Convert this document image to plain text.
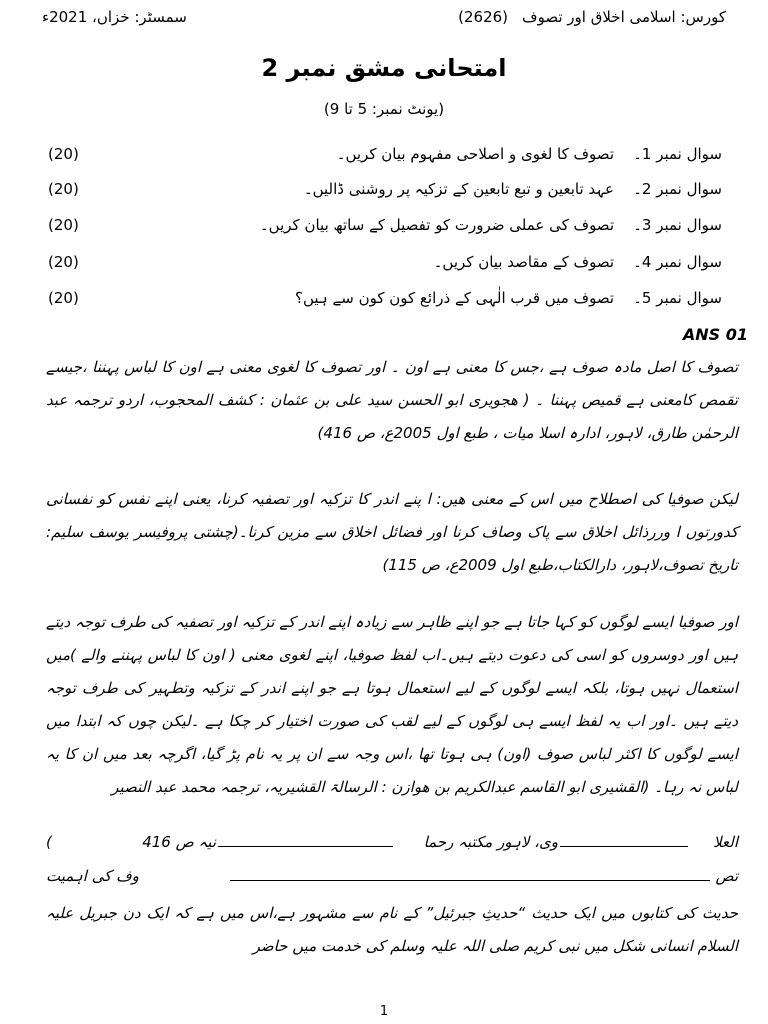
کورس: اسلامی اخلاق اور تصوف(2626)
سمسٹر: خزاں، 2021ء
امتحانی مشق نمبر 2
(یونٹ نمبر: 5 تا 9)
سوال نمبر 1۔
تصوف کا لغوی و اصلاحی مفہوم بیان کریں۔
(20)
سوال نمبر 2۔
عہد تابعین و تبع تابعین کے تزکیہ پر روشنی ڈالیں۔
(20)
سوال نمبر 3۔
تصوف کی عملی ضرورت کو تفصیل کے ساتھ بیان کریں۔
(20)
سوال نمبر 4۔
تصوف کے مقاصد بیان کریں۔
(20)
سوال نمبر 5۔
تصوف میں قرب الٰہی کے ذرائع کون کون سے ہیں؟
(20)
ANS 01
تصوف کا اصل مادہ صوف ہے ،جس کا معنی ہے اون ۔ اور تصوف کا لغوی معنی ہے اون کا لباس پہننا ،جیسے تقمص کامعنی ہے قمیص پہننا ۔ ( ھجویری ابو الحسن سید علی بن عثمان : کشف المحجوب، اردو ترجمہ عبد الرحمٰن طارق، لاہور، ادارہ اسلا میات ، طبع اول 2005ع، ص 416)
لیکن صوفیا کی اصطلاح میں اس کے معنی ھیں: ا پنے اندر کا تزکیہ اور تصفیہ کرنا، یعنی اپنے نفس کو نفسانی کدورتوں ا وررذائل اخلاق سے پاک وصاف کرنا اور فضائل اخلاق سے مزین کرنا۔(چشتی پروفیسر یوسف سلیم: تاریخ تصوف،لاہور، دارالکتاب،طبع اول 2009ع، ص 115)
اور صوفیا ایسے لوگوں کو کہا جاتا ہے جو اپنے ظاہر سے زیادہ اپنے اندر کے تزکیہ اور تصفیہ کی طرف توجہ دیتے ہیں اور دوسروں کو اسی کی دعوت دیتے ہیں۔اب لفظ صوفیا، اپنے لغوی معنی ( اون کا لباس پہننے والے )میں استعمال نہیں ہوتا، بلکہ ایسے لوگوں کے لیے استعمال ہوتا ہے جو اپنے اندر کے تزکیہ وتطہیر کی طرف توجہ دیتے ہیں ۔اور اب یہ لفظ ایسے ہی لوگوں کے لیے لقب کی صورت اختیار کر چکا ہے ۔لیکن چوں کہ ابتدا میں ایسے لوگوں کا اکثر لباس صوف (اون) ہی ہوتا تھا ،اس وجہ سے ان پر یہ نام پڑ گیا، اگرچہ بعد میں ان کا یہ لباس نہ رہا۔ (القشیری ابو القاسم عبدالکریم بن ھوازن : الرسالۃ القشیریہ، ترجمہ محمد عبد النصیر
العلا
وی، لاہور مکتبہ رحما
نیہ ص 416
)
تص
وف کی اہمیت
حدیث کی کتابوں میں ایک حدیث “حدیثِ جبرئیل” کے نام سے مشہور ہے،اس میں ہے کہ ایک دن جبریل علیہ السلام انسانی شکل میں نبی کریم صلی اللہ علیہ وسلم کی خدمت میں حاضر
1
